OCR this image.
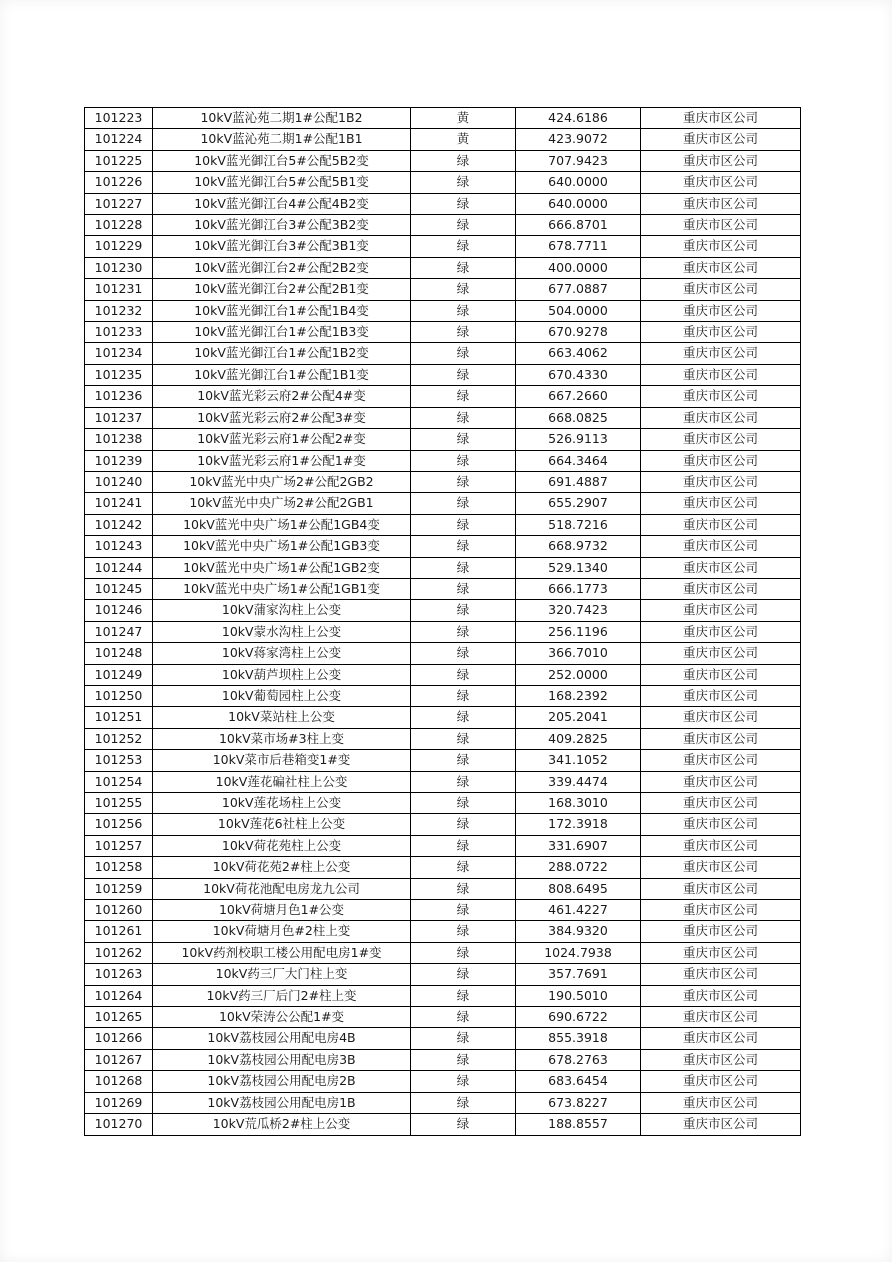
101223	10kV蓝沁苑二期1#公配1B2	黄	424.6186	重庆市区公司
101224	10kV蓝沁苑二期1#公配1B1	黄	423.9072	重庆市区公司
101225	10kV蓝光御江台5#公配5B2变	绿	707.9423	重庆市区公司
101226	10kV蓝光御江台5#公配5B1变	绿	640.0000	重庆市区公司
101227	10kV蓝光御江台4#公配4B2变	绿	640.0000	重庆市区公司
101228	10kV蓝光御江台3#公配3B2变	绿	666.8701	重庆市区公司
101229	10kV蓝光御江台3#公配3B1变	绿	678.7711	重庆市区公司
101230	10kV蓝光御江台2#公配2B2变	绿	400.0000	重庆市区公司
101231	10kV蓝光御江台2#公配2B1变	绿	677.0887	重庆市区公司
101232	10kV蓝光御江台1#公配1B4变	绿	504.0000	重庆市区公司
101233	10kV蓝光御江台1#公配1B3变	绿	670.9278	重庆市区公司
101234	10kV蓝光御江台1#公配1B2变	绿	663.4062	重庆市区公司
101235	10kV蓝光御江台1#公配1B1变	绿	670.4330	重庆市区公司
101236	10kV蓝光彩云府2#公配4#变	绿	667.2660	重庆市区公司
101237	10kV蓝光彩云府2#公配3#变	绿	668.0825	重庆市区公司
101238	10kV蓝光彩云府1#公配2#变	绿	526.9113	重庆市区公司
101239	10kV蓝光彩云府1#公配1#变	绿	664.3464	重庆市区公司
101240	10kV蓝光中央广场2#公配2GB2	绿	691.4887	重庆市区公司
101241	10kV蓝光中央广场2#公配2GB1	绿	655.2907	重庆市区公司
101242	10kV蓝光中央广场1#公配1GB4变	绿	518.7216	重庆市区公司
101243	10kV蓝光中央广场1#公配1GB3变	绿	668.9732	重庆市区公司
101244	10kV蓝光中央广场1#公配1GB2变	绿	529.1340	重庆市区公司
101245	10kV蓝光中央广场1#公配1GB1变	绿	666.1773	重庆市区公司
101246	10kV蒲家沟柱上公变	绿	320.7423	重庆市区公司
101247	10kV蒙水沟柱上公变	绿	256.1196	重庆市区公司
101248	10kV蒋家湾柱上公变	绿	366.7010	重庆市区公司
101249	10kV葫芦坝柱上公变	绿	252.0000	重庆市区公司
101250	10kV葡萄园柱上公变	绿	168.2392	重庆市区公司
101251	10kV菜站柱上公变	绿	205.2041	重庆市区公司
101252	10kV菜市场#3柱上变	绿	409.2825	重庆市区公司
101253	10kV菜市后巷箱变1#变	绿	341.1052	重庆市区公司
101254	10kV莲花碥社柱上公变	绿	339.4474	重庆市区公司
101255	10kV莲花场柱上公变	绿	168.3010	重庆市区公司
101256	10kV莲花6社柱上公变	绿	172.3918	重庆市区公司
101257	10kV荷花苑柱上公变	绿	331.6907	重庆市区公司
101258	10kV荷花苑2#柱上公变	绿	288.0722	重庆市区公司
101259	10kV荷花池配电房龙九公司	绿	808.6495	重庆市区公司
101260	10kV荷塘月色1#公变	绿	461.4227	重庆市区公司
101261	10kV荷塘月色#2柱上变	绿	384.9320	重庆市区公司
101262	10kV药剂校职工楼公用配电房1#变	绿	1024.7938	重庆市区公司
101263	10kV药三厂大门柱上变	绿	357.7691	重庆市区公司
101264	10kV药三厂后门2#柱上变	绿	190.5010	重庆市区公司
101265	10kV荣涛公公配1#变	绿	690.6722	重庆市区公司
101266	10kV荔枝园公用配电房4B	绿	855.3918	重庆市区公司
101267	10kV荔枝园公用配电房3B	绿	678.2763	重庆市区公司
101268	10kV荔枝园公用配电房2B	绿	683.6454	重庆市区公司
101269	10kV荔枝园公用配电房1B	绿	673.8227	重庆市区公司
101270	10kV荒瓜桥2#柱上公变	绿	188.8557	重庆市区公司
